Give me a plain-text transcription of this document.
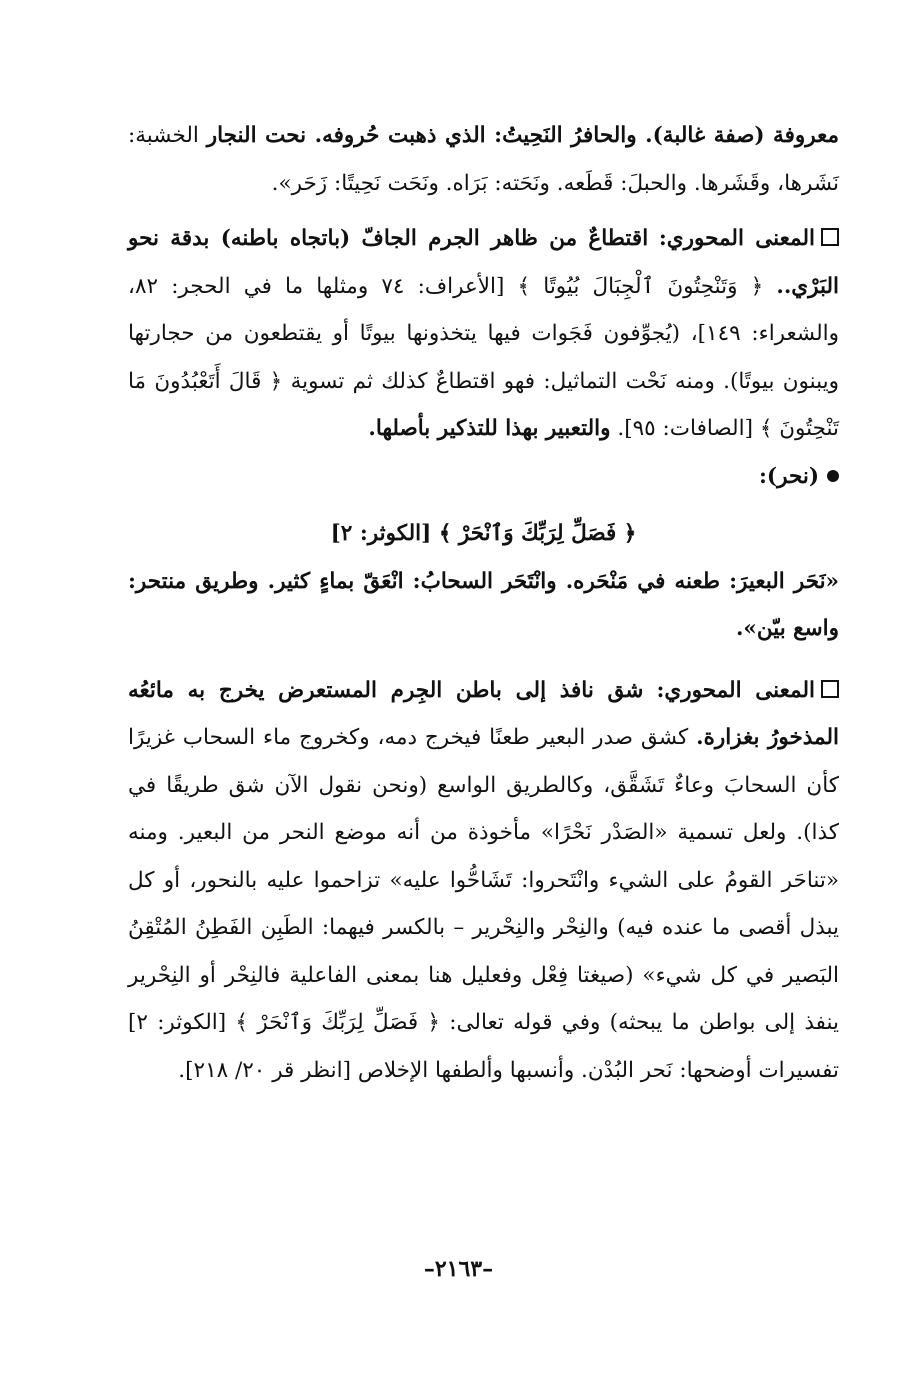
معروفة (صفة غالبة). والحافرُ النَحِيتُ: الذي ذهبت حُروفه. نحت النجار الخشبة: نَشَرها، وقَشَرها. والحبلَ: قَطَعه. ونَحَته: بَرَاه. ونَحَت نَحِيتًا: زَحَر».

المعنى المحوري: اقتطاعٌ من ظاهر الجرم الجافّ (باتجاه باطنه) بدقة نحو البَرْي.. ﴿ وَتَنْحِتُونَ ٱلْجِبَالَ بُيُوتًا ﴾ [الأعراف: ٧٤ ومثلها ما في الحجر: ٨٢، والشعراء: ١٤٩]، (يُجوِّفون فَجَوات فيها يتخذونها بيوتًا أو يقتطعون من حجارتها ويبنون بيوتًا). ومنه نَحْت التماثيل: فهو اقتطاعٌ كذلك ثم تسوية ﴿ قَالَ أَتَعْبُدُونَ مَا تَنْحِتُونَ ﴾ [الصافات: ٩٥]. والتعبير بهذا للتذكير بأصلها.

(نحر):

﴿ فَصَلِّ لِرَبِّكَ وَٱنْحَرْ ﴾ [الكوثر: ٢]

«نَحَر البعيرَ: طعنه في مَنْحَره. وانْتَحَر السحابُ: انْعَقّ بماءٍ كثير. وطريق منتحر: واسع بيّن».

المعنى المحوري: شق نافذ إلى باطن الجِرم المستعرض يخرج به مائعُه المذخورُ بغزارة. كشق صدر البعير طعنًا فيخرج دمه، وكخروج ماء السحاب غزيرًا كأن السحابَ وعاءٌ تَشَقَّق، وكالطريق الواسع (ونحن نقول الآن شق طريقًا في كذا). ولعل تسمية «الصَدْر نَحْرًا» مأخوذة من أنه موضع النحر من البعير. ومنه «تناحَر القومُ على الشيء وانْتَحروا: تَشَاحُّوا عليه» تزاحموا عليه بالنحور، أو كل يبذل أقصى ما عنده فيه) والنِحْر والنِحْرير – بالكسر فيهما: الطَبِن الفَطِنُ المُتْقِنُ البَصير في كل شيء» (صيغتا فِعْل وفعليل هنا بمعنى الفاعلية فالنِحْر أو النِحْرير ينفذ إلى بواطن ما يبحثه) وفي قوله تعالى: ﴿ فَصَلِّ لِرَبِّكَ وَٱنْحَرْ ﴾ [الكوثر: ٢] تفسيرات أوضحها: نَحر البُدْن. وأنسبها وألطفها الإخلاص [انظر قر ٢٠/ ٢١٨].

–٢١٦٣–
